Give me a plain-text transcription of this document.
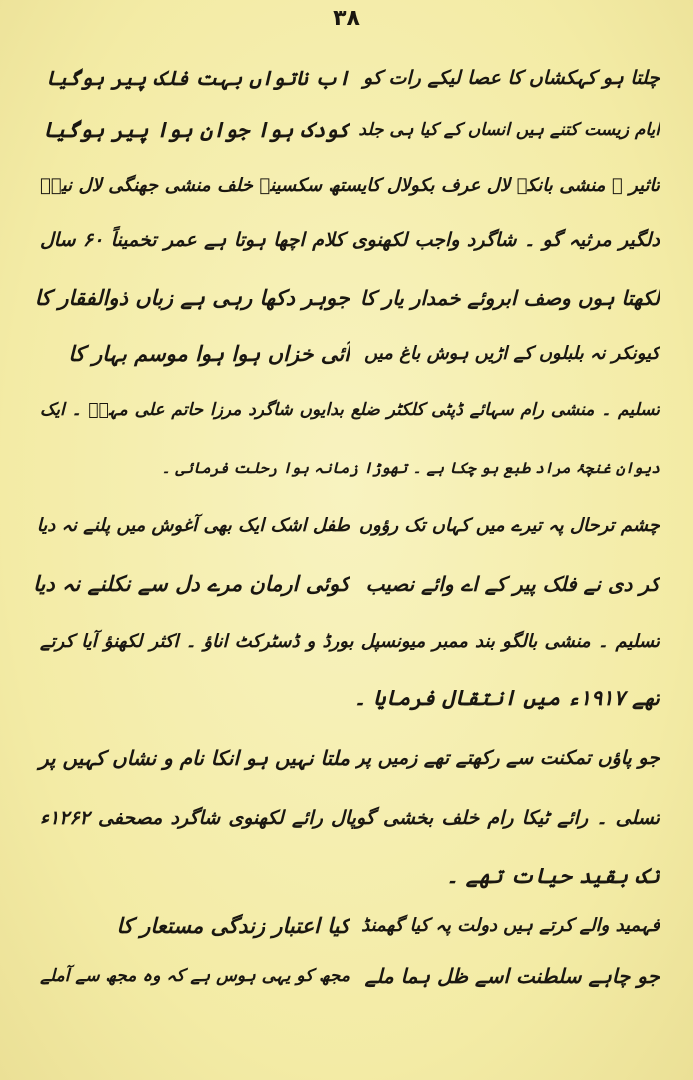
۳۸
چلتا ہو کہکشاں کا عصا لیکے رات کو
اب ناتواں بہت فلک پیر ہوگیا
ایام زیست کتنے ہیں انساں کے کیا ہی جلد
کودک ہوا جوان ہوا پیر ہوگیا
تاثیر ۔ منشی بانکے لال عرف بکولال کایستھ سکسینہ خلف منشی جھنگی لال نیرؔ
دلگیر مرثیہ گو ۔ شاگرد واجب لکھنوی کلام اچھا ہوتا ہے عمر تخمیناً ۶۰ سال
لکھتا ہوں وصف ابروئے خمدار یار کا
جوہر دکھا رہی ہے زباں ذوالفقار کا
کیونکر نہ بلبلوں کے اڑیں ہوش باغ میں
آئی خزاں ہوا ہوا موسم بہار کا
تسلیم ۔ منشی رام سہائے ڈپٹی کلکٹر ضلع بدایوں شاگرد مرزا حاتم علی مہرؔ ۔ ایک
دیوان غنچۂ مراد طبع ہو چکا ہے ۔ تھوڑا زمانہ ہوا رحلت فرمائی ۔
چشم ترحال پہ تیرے میں کہاں تک رؤوں
طفل اشک ایک بھی آغوش میں پلنے نہ دیا
کر دی نے فلک پیر کے اے وائے نصیب
کوئی ارمان مرے دل سے نکلنے نہ دیا
تسلیم ۔ منشی بالگو بند ممبر میونسپل بورڈ و ڈسٹرکٹ اناؤ ۔ اکثر لکھنؤ آیا کرتے
تھے ۱۹۱۷ء میں انتقال فرمایا ۔
جو پاؤں تمکنت سے رکھتے تھے زمیں پر
ملتا نہیں ہو انکا نام و نشاں کہیں پر
تسلی ۔ رائے ٹیکا رام خلف بخشی گوپال رائے لکھنوی شاگرد مصحفی ۱۲۶۲ء
تک بقید حیات تھے ۔
فہمید والے کرتے ہیں دولت پہ کیا گھمنڈ
کیا اعتبار زندگی مستعار کا
جو چاہے سلطنت اسے ظل ہما ملے
مجھ کو یہی ہوس ہے کہ وہ مجھ سے آملے
